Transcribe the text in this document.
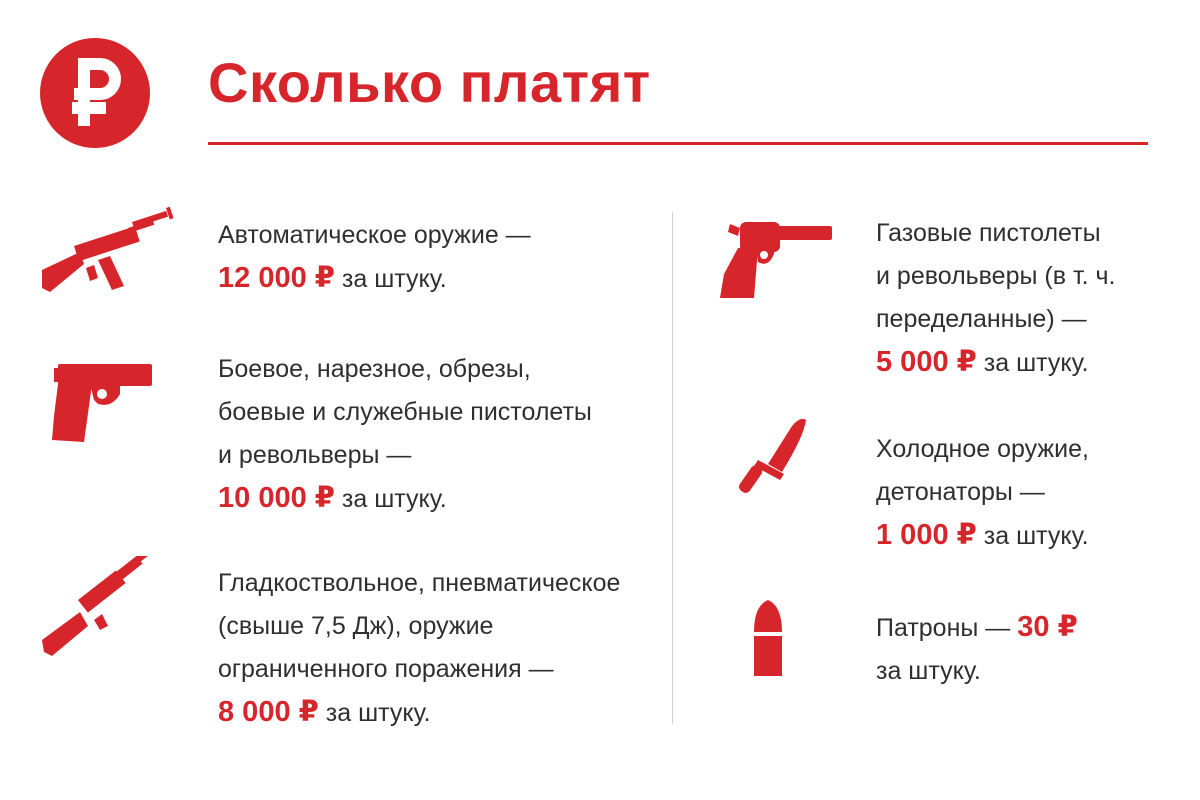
Сколько платят
Автоматическое оружие —
12 000 ₽ за штуку.
Боевое, нарезное, обрезы,
боевые и служебные пистолеты
и револьверы —
10 000 ₽ за штуку.
Гладкоствольное, пневматическое
(свыше 7,5 Дж), оружие
ограниченного поражения —
8 000 ₽ за штуку.
Газовые пистолеты
и револьверы (в т. ч.
переделанные) —
5 000 ₽ за штуку.
Холодное оружие,
детонаторы —
1 000 ₽ за штуку.
Патроны — 30 ₽
за штуку.
